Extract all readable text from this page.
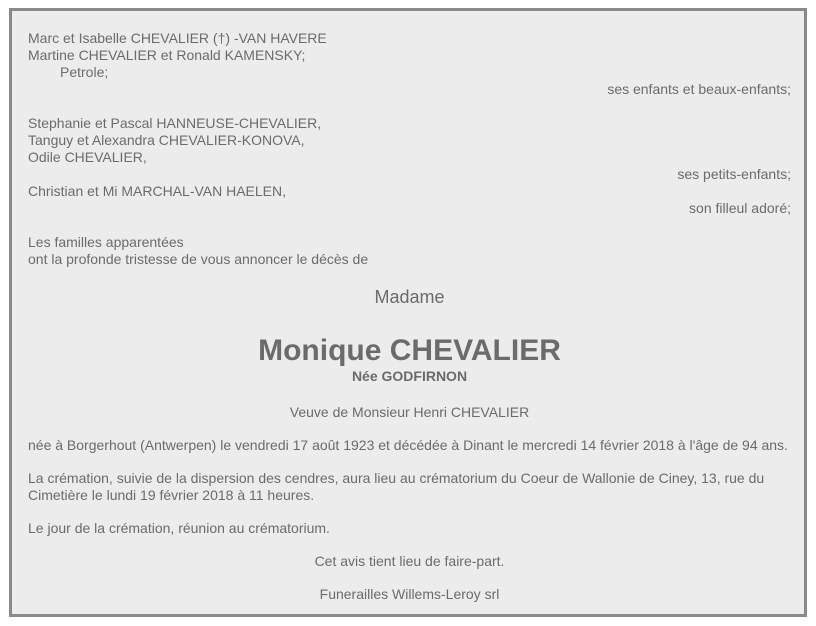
Marc et Isabelle CHEVALIER (†) -VAN HAVERE
Martine CHEVALIER et Ronald KAMENSKY;
Petrole;
ses enfants et beaux-enfants;
Stephanie et Pascal HANNEUSE-CHEVALIER,
Tanguy et Alexandra CHEVALIER-KONOVA,
Odile CHEVALIER,
ses petits-enfants;
Christian et Mi MARCHAL-VAN HAELEN,
son filleul adoré;
Les familles apparentées
ont la profonde tristesse de vous annoncer le décès de
Madame
Monique CHEVALIER
Née GODFIRNON
Veuve de Monsieur Henri CHEVALIER
née à Borgerhout (Antwerpen) le vendredi 17 août 1923 et décédée à Dinant le mercredi 14 février 2018 à l'âge de 94 ans.
La crémation, suivie de la dispersion des cendres, aura lieu au crématorium du Coeur de Wallonie de Ciney, 13, rue du Cimetière le lundi 19 février 2018 à 11 heures.
Le jour de la crémation, réunion au crématorium.
Cet avis tient lieu de faire-part.
Funerailles Willems-Leroy srl
